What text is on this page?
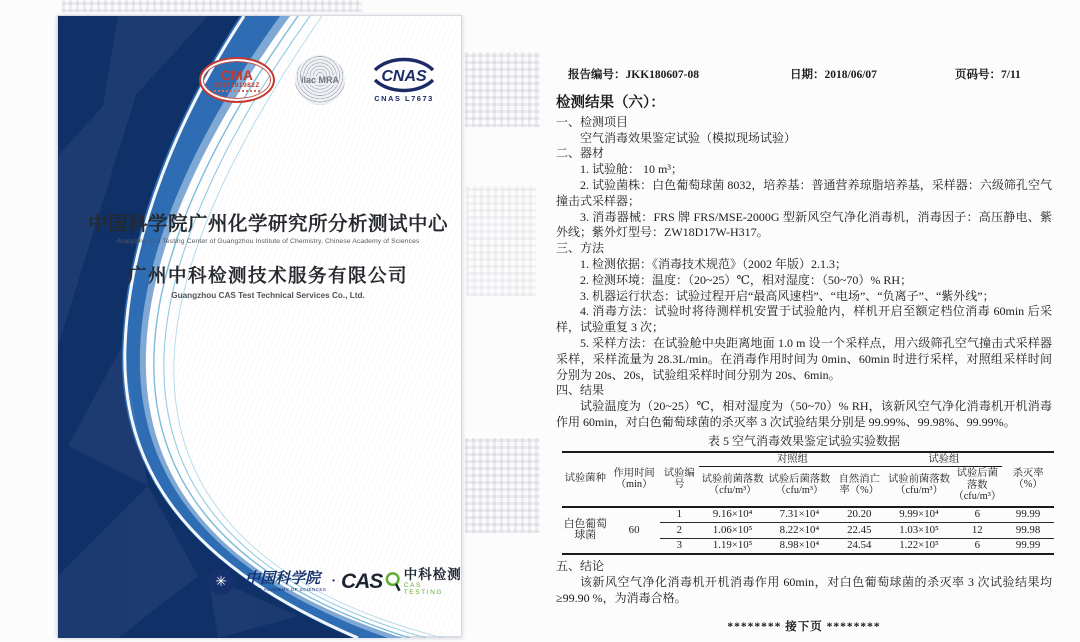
CMA
2015191982Z
ilac MRA	CNAS
CNAS L7673
中国科学院广州化学研究所分析测试中心
Analyzing and Testing Center of Guangzhou Institute of Chemistry, Chinese Academy of Sciences
广州中科检测技术服务有限公司
Guangzhou CAS Test Technical Services Co., Ltd.
✳	中国科学院
CHINESE ACADEMY OF SCIENCES
· CAS 中科检测
CAS TESTING
报告编号：JKK180607-08	日期：2018/06/07	页码号：7/11
检测结果（六）：

一、检测项目

空气消毒效果鉴定试验（模拟现场试验）

二、器材

1. 试验舱： 10 m³；

2. 试验菌株：白色葡萄球菌 8032，培养基：普通营养琼脂培养基，采样器：六级筛孔空气撞击式采样器；

3. 消毒器械：FRS 牌 FRS/MSE-2000G 型新风空气净化消毒机，消毒因子：高压静电、紫外线；紫外灯型号：ZW18D17W-H317。

三、方法

1. 检测依据：《消毒技术规范》（2002 年版）2.1.3；

2. 检测环境：温度：（20~25）℃，相对湿度：（50~70）% RH；

3. 机器运行状态：试验过程开启“最高风速档”、“电场”、“负离子”、“紫外线”；

4. 消毒方法：试验时将待测样机安置于试验舱内，样机开启至额定档位消毒 60min 后采样，试验重复 3 次；

5. 采样方法：在试验舱中央距离地面 1.0 m 设一个采样点，用六级筛孔空气撞击式采样器采样，采样流量为 28.3L/min。在消毒作用时间为 0min、60min 时进行采样，对照组采样时间分别为 20s、20s，试验组采样时间分别为 20s、6min。

四、结果

试验温度为（20~25）℃，相对湿度为（50~70）% RH，该新风空气净化消毒机开机消毒作用 60min，对白色葡萄球菌的杀灭率 3 次试验结果分别是 99.99%、99.98%、99.99%。

表 5 空气消毒效果鉴定试验实验数据
试验菌种	作用时间（min）	试验编号	对照组			试验组		杀灭率（%）
			试验前菌落数（cfu/m³）	试验后菌落数（cfu/m³）	自然消亡率（%）	试验前菌落数（cfu/m³）	试验后菌落数（cfu/m³）	
白色葡萄球菌	60	1	9.16×10⁴	7.31×10⁴	20.20	9.99×10⁴	6	99.99
		2	1.06×10⁵	8.22×10⁴	22.45	1.03×10⁵	12	99.98
		3	1.19×10⁵	8.98×10⁴	24.54	1.22×10⁵	6	99.99

五、结论

该新风空气净化消毒机开机消毒作用 60min，对白色葡萄球菌的杀灭率 3 次试验结果均≥99.90 %，为消毒合格。

******** 接下页 ********
